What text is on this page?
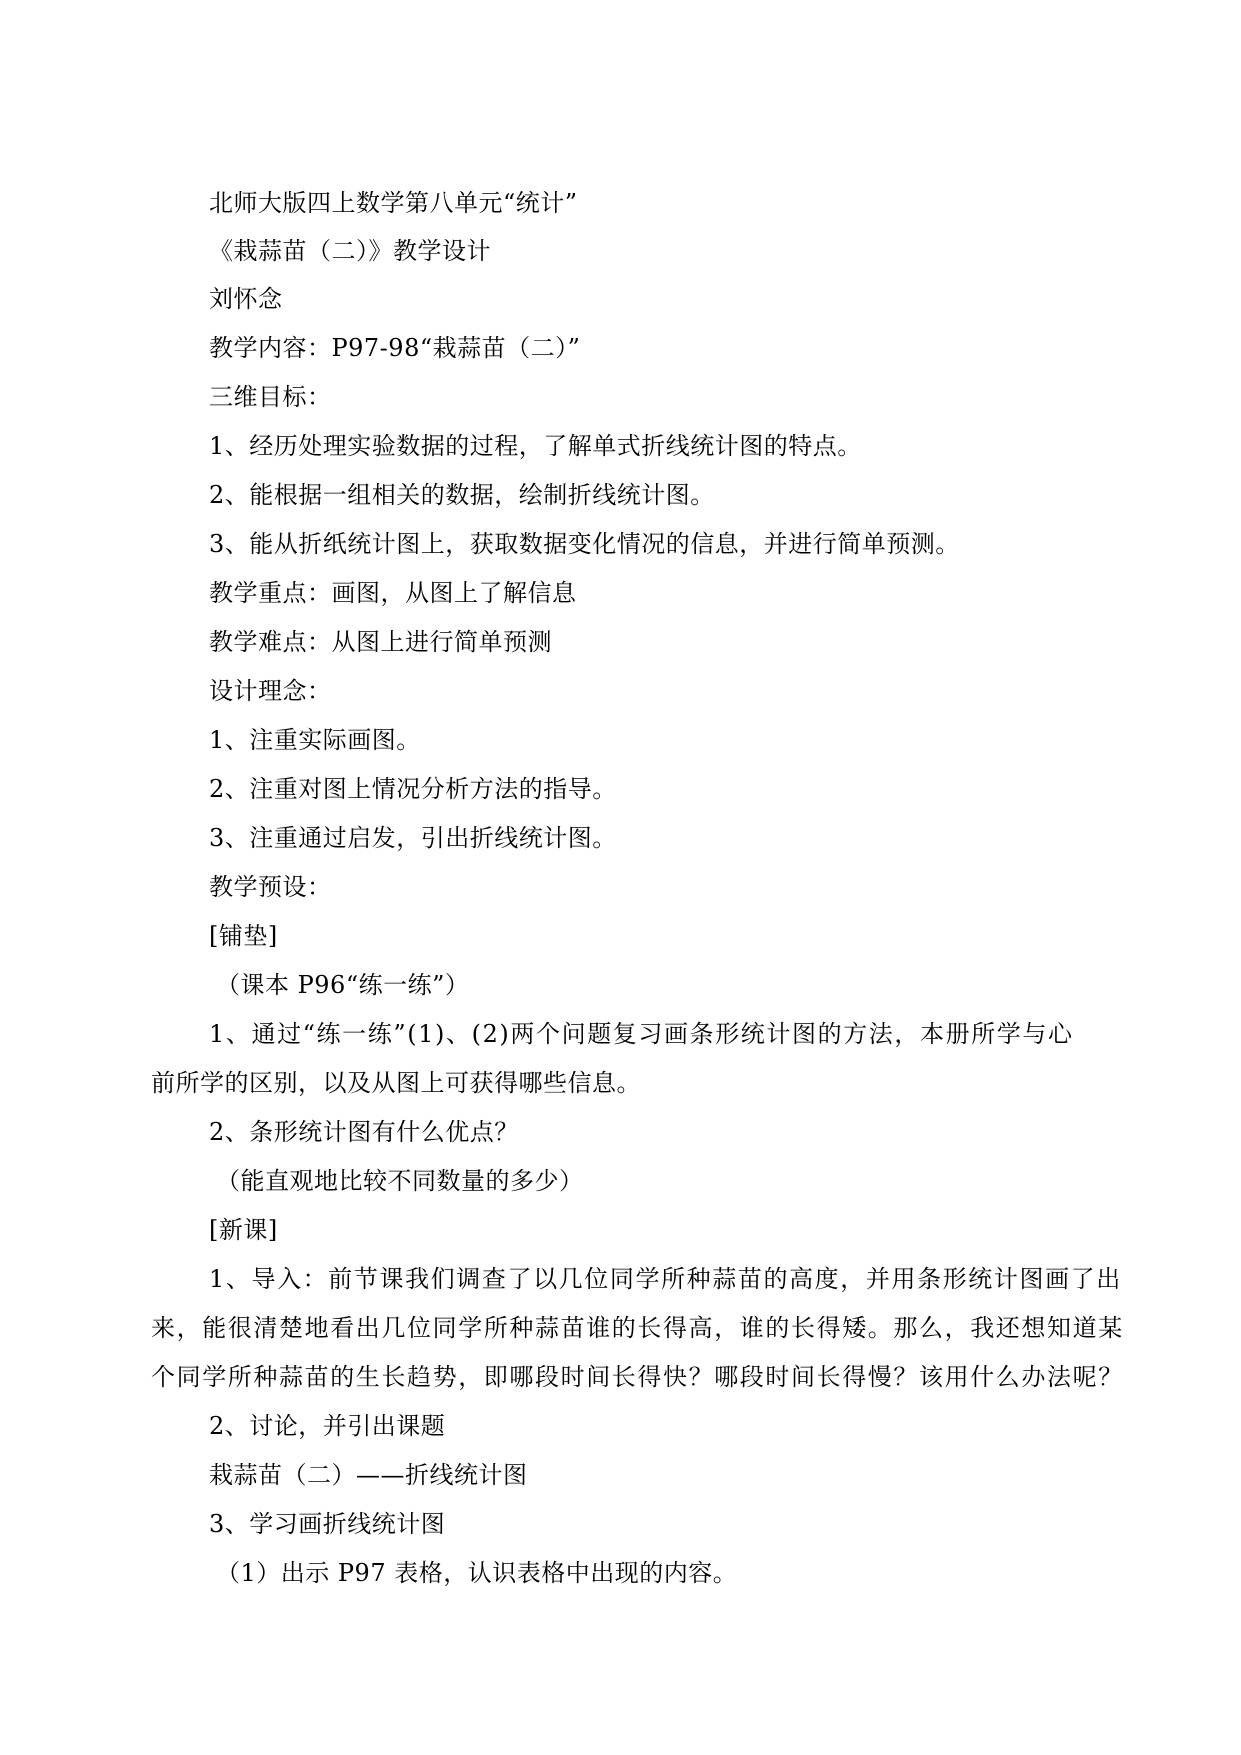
北师大版四上数学第八单元“统计”
《栽蒜苗（二）》教学设计
刘怀念
教学内容：P97-98“栽蒜苗（二）”
三维目标：
1、经历处理实验数据的过程，了解单式折线统计图的特点。
2、能根据一组相关的数据，绘制折线统计图。
3、能从折纸统计图上，获取数据变化情况的信息，并进行简单预测。
教学重点：画图，从图上了解信息
教学难点：从图上进行简单预测
设计理念：
1、注重实际画图。
2、注重对图上情况分析方法的指导。
3、注重通过启发，引出折线统计图。
教学预设：
[铺垫]
（课本 P96“练一练”）
1、通过“练一练”(1)、(2)两个问题复习画条形统计图的方法，本册所学与心
前所学的区别，以及从图上可获得哪些信息。
2、条形统计图有什么优点？
（能直观地比较不同数量的多少）
[新课]
1、导入：前节课我们调查了以几位同学所种蒜苗的高度，并用条形统计图画了出
来，能很清楚地看出几位同学所种蒜苗谁的长得高，谁的长得矮。那么，我还想知道某
个同学所种蒜苗的生长趋势，即哪段时间长得快？哪段时间长得慢？该用什么办法呢？
2、讨论，并引出课题
栽蒜苗（二）——折线统计图
3、学习画折线统计图
（1）出示 P97 表格，认识表格中出现的内容。
